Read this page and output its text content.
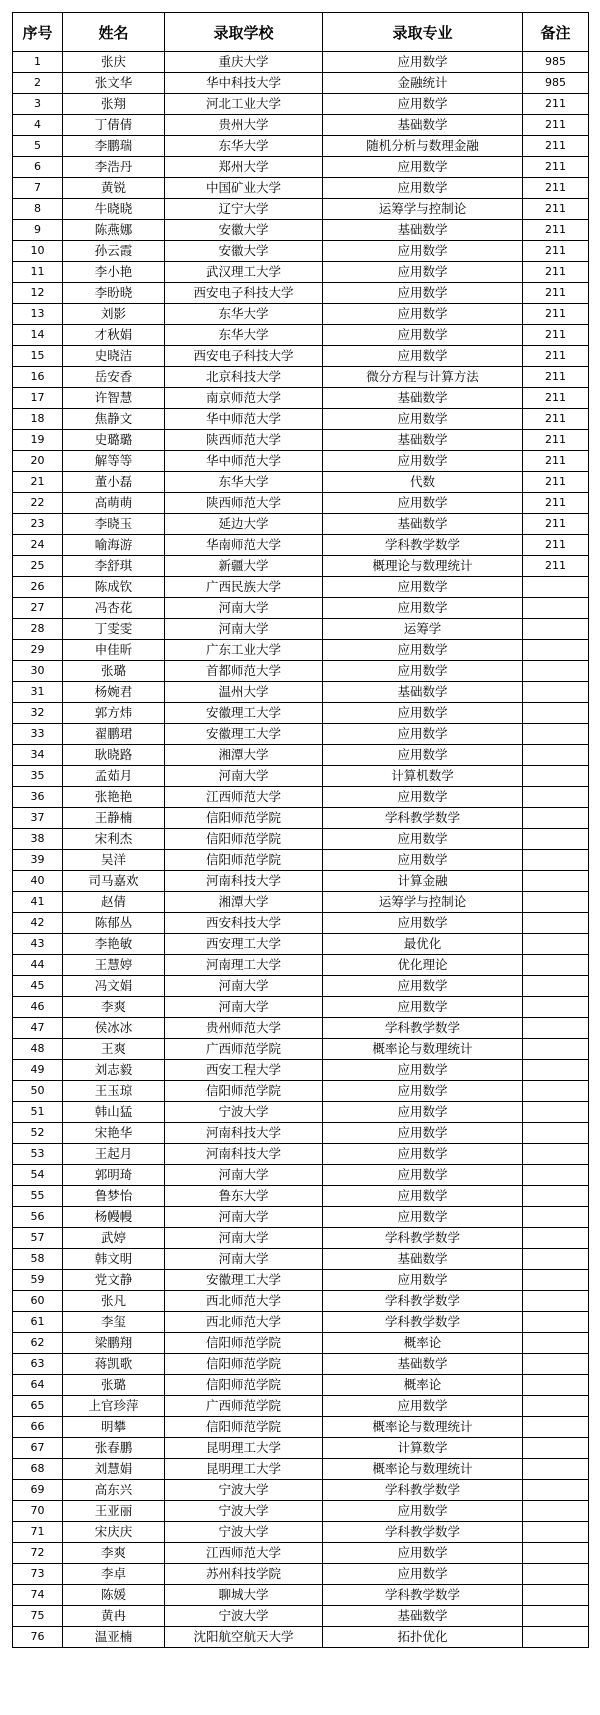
序号	姓名	录取学校	录取专业	备注
1	张庆	重庆大学	应用数学	985
2	张文华	华中科技大学	金融统计	985
3	张翔	河北工业大学	应用数学	211
4	丁倩倩	贵州大学	基础数学	211
5	李鹏瑞	东华大学	随机分析与数理金融	211
6	李浩丹	郑州大学	应用数学	211
7	黄锐	中国矿业大学	应用数学	211
8	牛晓晓	辽宁大学	运筹学与控制论	211
9	陈燕娜	安徽大学	基础数学	211
10	孙云霞	安徽大学	应用数学	211
11	李小艳	武汉理工大学	应用数学	211
12	李盼晓	西安电子科技大学	应用数学	211
13	刘影	东华大学	应用数学	211
14	才秋娟	东华大学	应用数学	211
15	史晓洁	西安电子科技大学	应用数学	211
16	岳安香	北京科技大学	微分方程与计算方法	211
17	许智慧	南京师范大学	基础数学	211
18	焦静文	华中师范大学	应用数学	211
19	史璐璐	陕西师范大学	基础数学	211
20	解等等	华中师范大学	应用数学	211
21	董小磊	东华大学	代数	211
22	高萌萌	陕西师范大学	应用数学	211
23	李晓玉	延边大学	基础数学	211
24	喻海游	华南师范大学	学科教学数学	211
25	李舒琪	新疆大学	概理论与数理统计	211
26	陈成钦	广西民族大学	应用数学	
27	冯杏花	河南大学	应用数学	
28	丁雯雯	河南大学	运筹学	
29	申佳昕	广东工业大学	应用数学	
30	张璐	首都师范大学	应用数学	
31	杨婉君	温州大学	基础数学	
32	郭方炜	安徽理工大学	应用数学	
33	翟鹏珺	安徽理工大学	应用数学	
34	耿晓路	湘潭大学	应用数学	
35	孟茹月	河南大学	计算机数学	
36	张艳艳	江西师范大学	应用数学	
37	王静楠	信阳师范学院	学科教学数学	
38	宋利杰	信阳师范学院	应用数学	
39	吴洋	信阳师范学院	应用数学	
40	司马嘉欢	河南科技大学	计算金融	
41	赵倩	湘潭大学	运筹学与控制论	
42	陈郁丛	西安科技大学	应用数学	
43	李艳敏	西安理工大学	最优化	
44	王慧婷	河南理工大学	优化理论	
45	冯文娟	河南大学	应用数学	
46	李爽	河南大学	应用数学	
47	侯冰冰	贵州师范大学	学科教学数学	
48	王爽	广西师范学院	概率论与数理统计	
49	刘志毅	西安工程大学	应用数学	
50	王玉琼	信阳师范学院	应用数学	
51	韩山猛	宁波大学	应用数学	
52	宋艳华	河南科技大学	应用数学	
53	王起月	河南科技大学	应用数学	
54	郭明琦	河南大学	应用数学	
55	鲁梦怡	鲁东大学	应用数学	
56	杨幔幔	河南大学	应用数学	
57	武婷	河南大学	学科教学数学	
58	韩文明	河南大学	基础数学	
59	党文静	安徽理工大学	应用数学	
60	张凡	西北师范大学	学科教学数学	
61	李玺	西北师范大学	学科教学数学	
62	梁鹏翔	信阳师范学院	概率论	
63	蒋凯歌	信阳师范学院	基础数学	
64	张璐	信阳师范学院	概率论	
65	上官珍萍	广西师范学院	应用数学	
66	明攀	信阳师范学院	概率论与数理统计	
67	张春鹏	昆明理工大学	计算数学	
68	刘慧娟	昆明理工大学	概率论与数理统计	
69	高东兴	宁波大学	学科教学数学	
70	王亚丽	宁波大学	应用数学	
71	宋庆庆	宁波大学	学科教学数学	
72	李爽	江西师范大学	应用数学	
73	李卓	苏州科技学院	应用数学	
74	陈媛	聊城大学	学科教学数学	
75	黄冉	宁波大学	基础数学	
76	温亚楠	沈阳航空航天大学	拓扑优化	
